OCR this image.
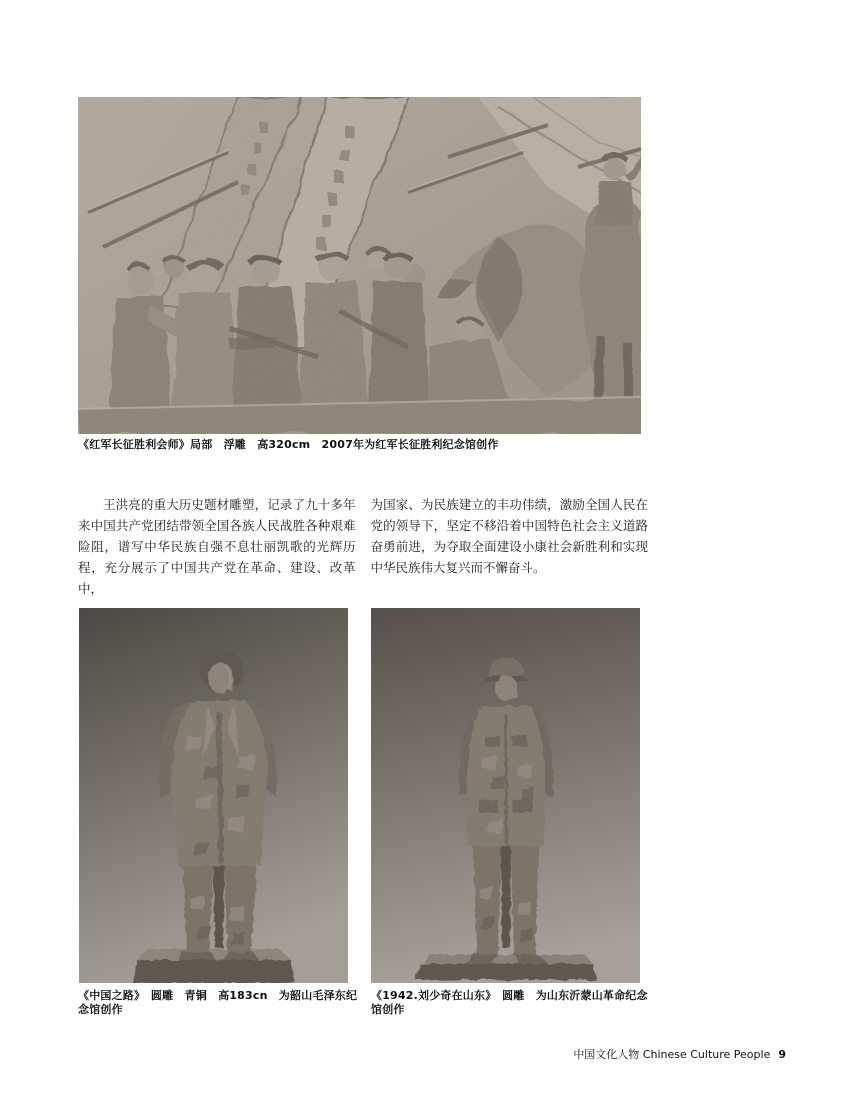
《红军长征胜利会师》局部　浮雕　高320cm　2007年为红军长征胜利纪念馆创作

王洪亮的重大历史题材雕塑，记录了九十多年来中国共产党团结带领全国各族人民战胜各种艰难险阻，谱写中华民族自强不息壮丽凯歌的光辉历程，充分展示了中国共产党在革命、建设、改革中，

为国家、为民族建立的丰功伟绩，激励全国人民在党的领导下，坚定不移沿着中国特色社会主义道路奋勇前进，为夺取全面建设小康社会新胜利和实现中华民族伟大复兴而不懈奋斗。

《中国之路》　圆雕　青铜　高183cn　为韶山毛泽东纪念馆创作
《1942.刘少奇在山东》　圆雕　为山东沂蒙山革命纪念馆创作
中国文化人物 Chinese Culture People 9
